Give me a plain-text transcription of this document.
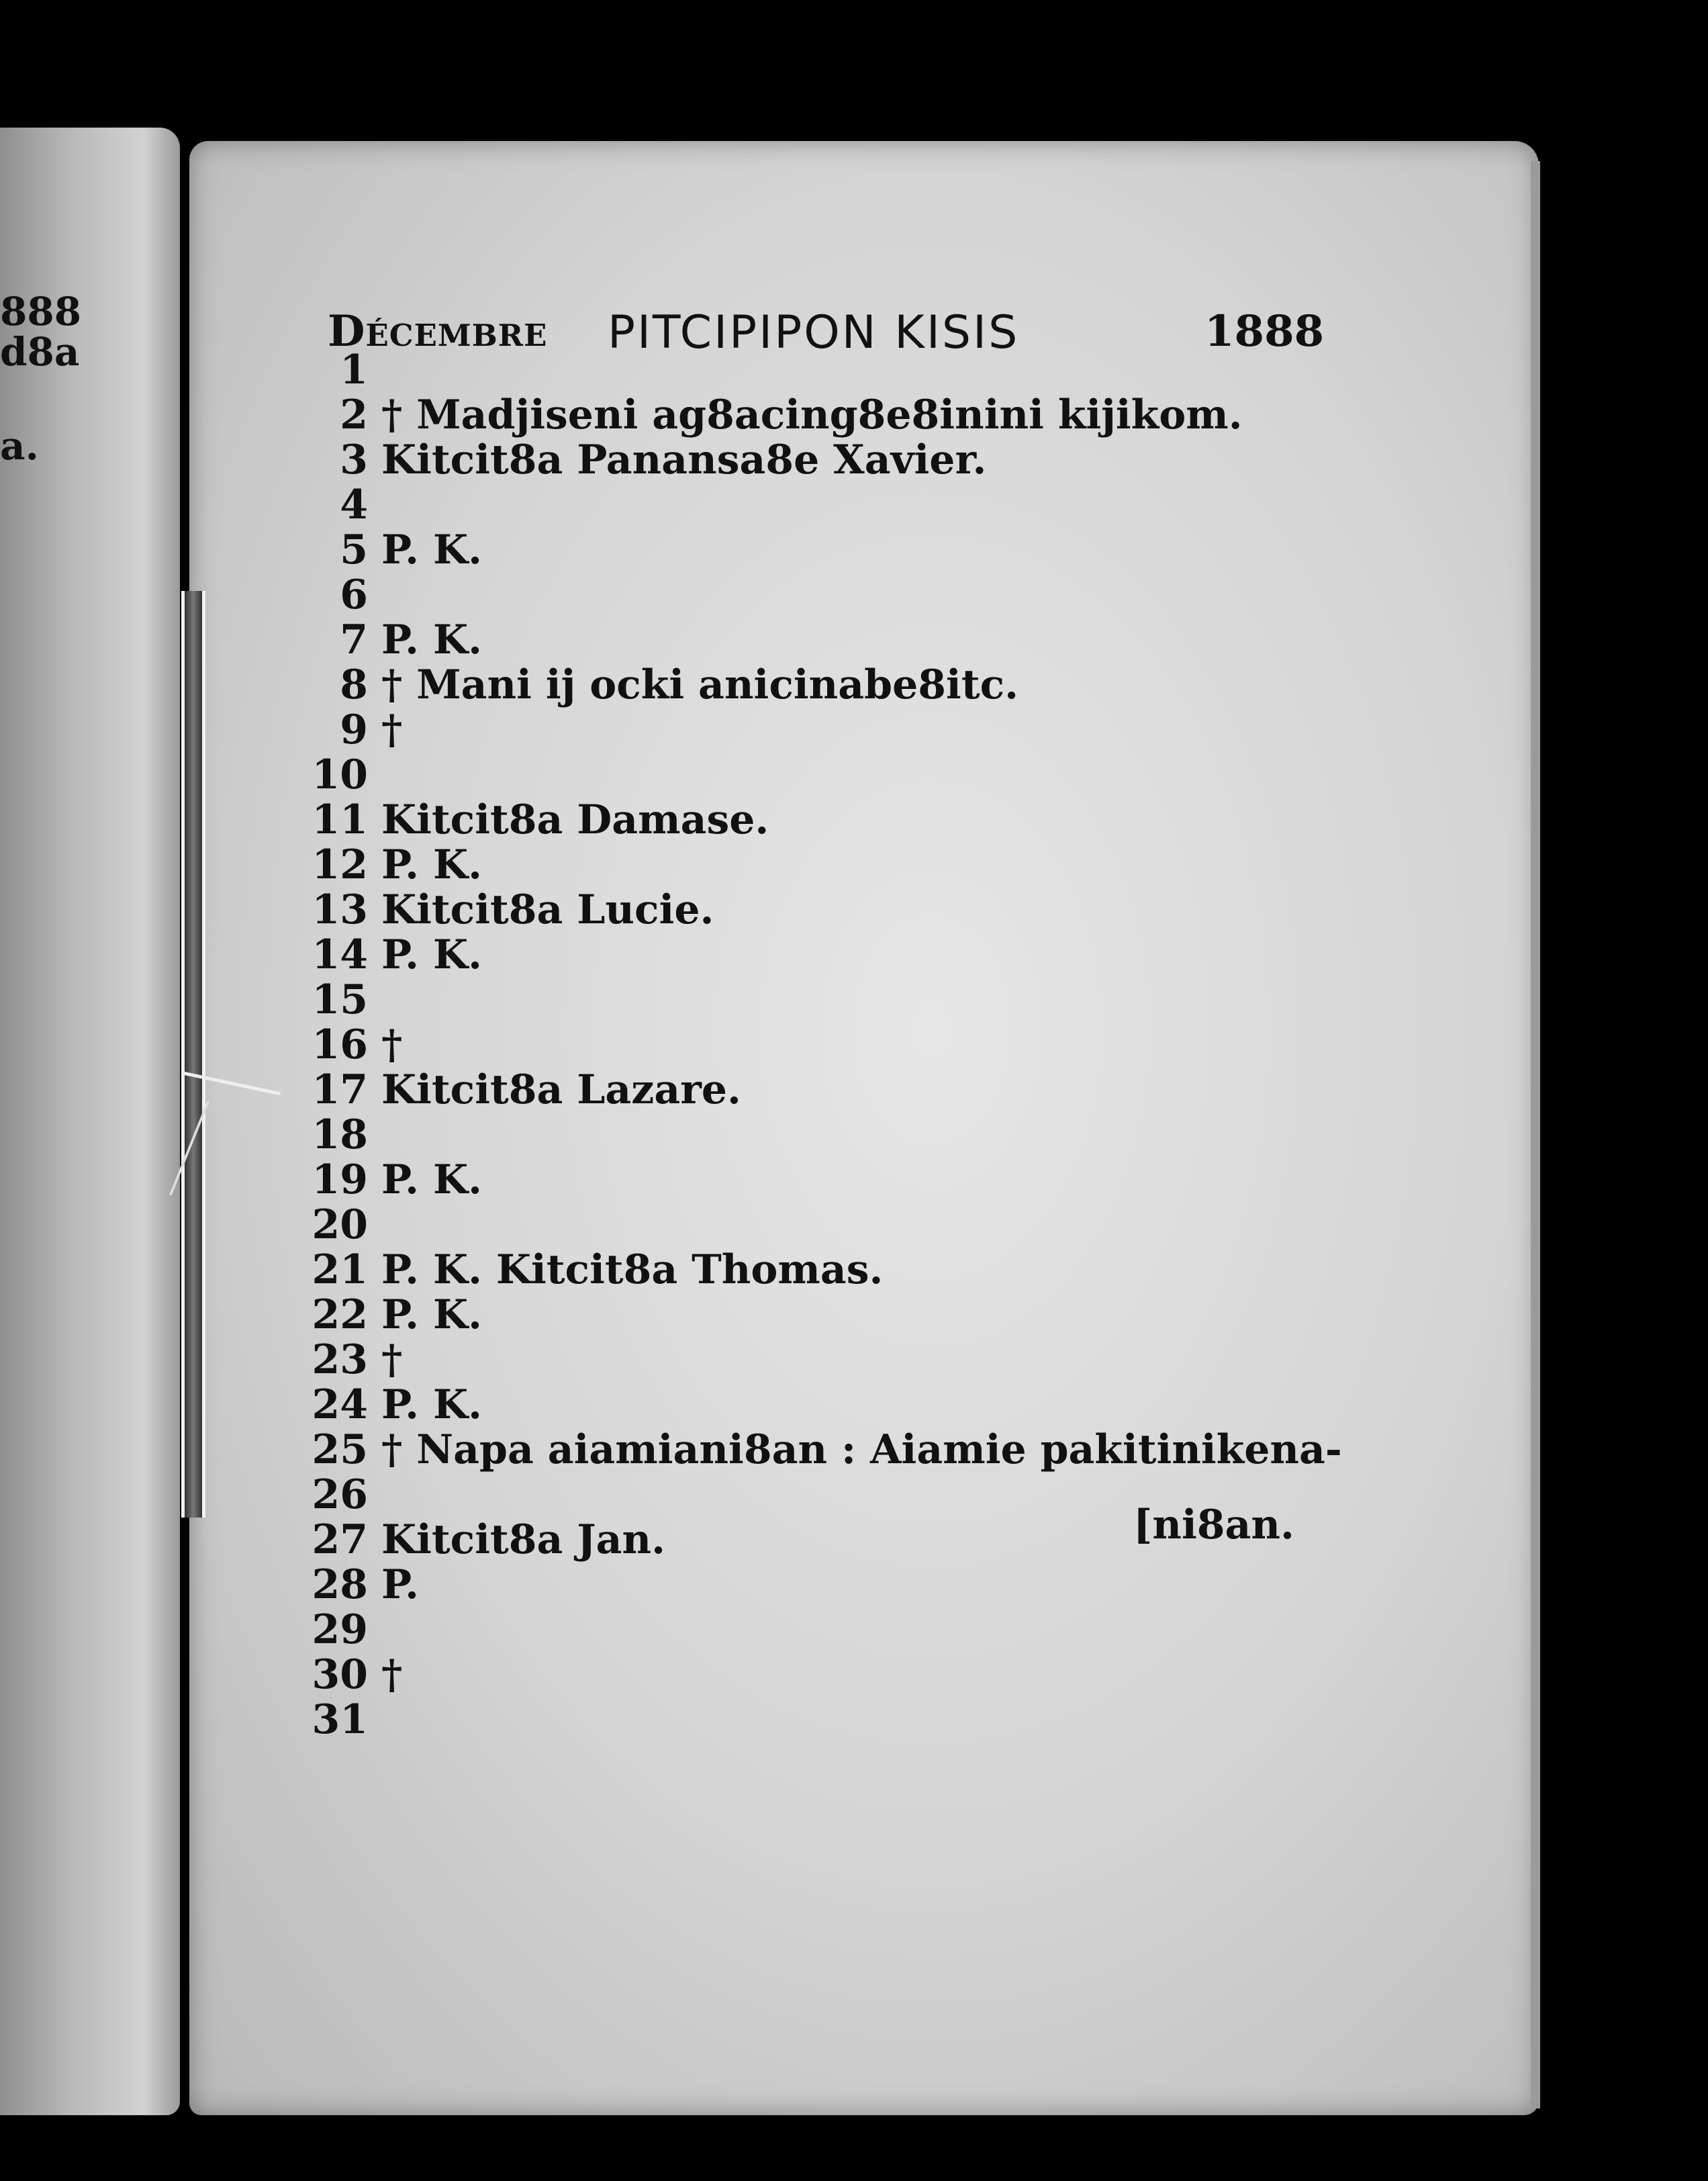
888
d8a
a.
Décembre PITCIPIPON KISIS	1888
1
2 † Madjiseni ag8acing8e8inini kijikom.
3 Kitcit8a Panansa8e Xavier.
4
5 P. K.
6
7 P. K.
8 † Mani ij ocki anicinabe8itc.
9 †
10
11 Kitcit8a Damase.
12 P. K.
13 Kitcit8a Lucie.
14 P. K.
15
16 †
17 Kitcit8a Lazare.
18
19 P. K.
20
21 P. K. Kitcit8a Thomas.
22 P. K.
23 †
24 P. K.
25 † Napa aiamiani8an : Aiamie pakitinikena-
26
27 Kitcit8a Jan.
28 P.
29
30 †
31
[ni8an.
